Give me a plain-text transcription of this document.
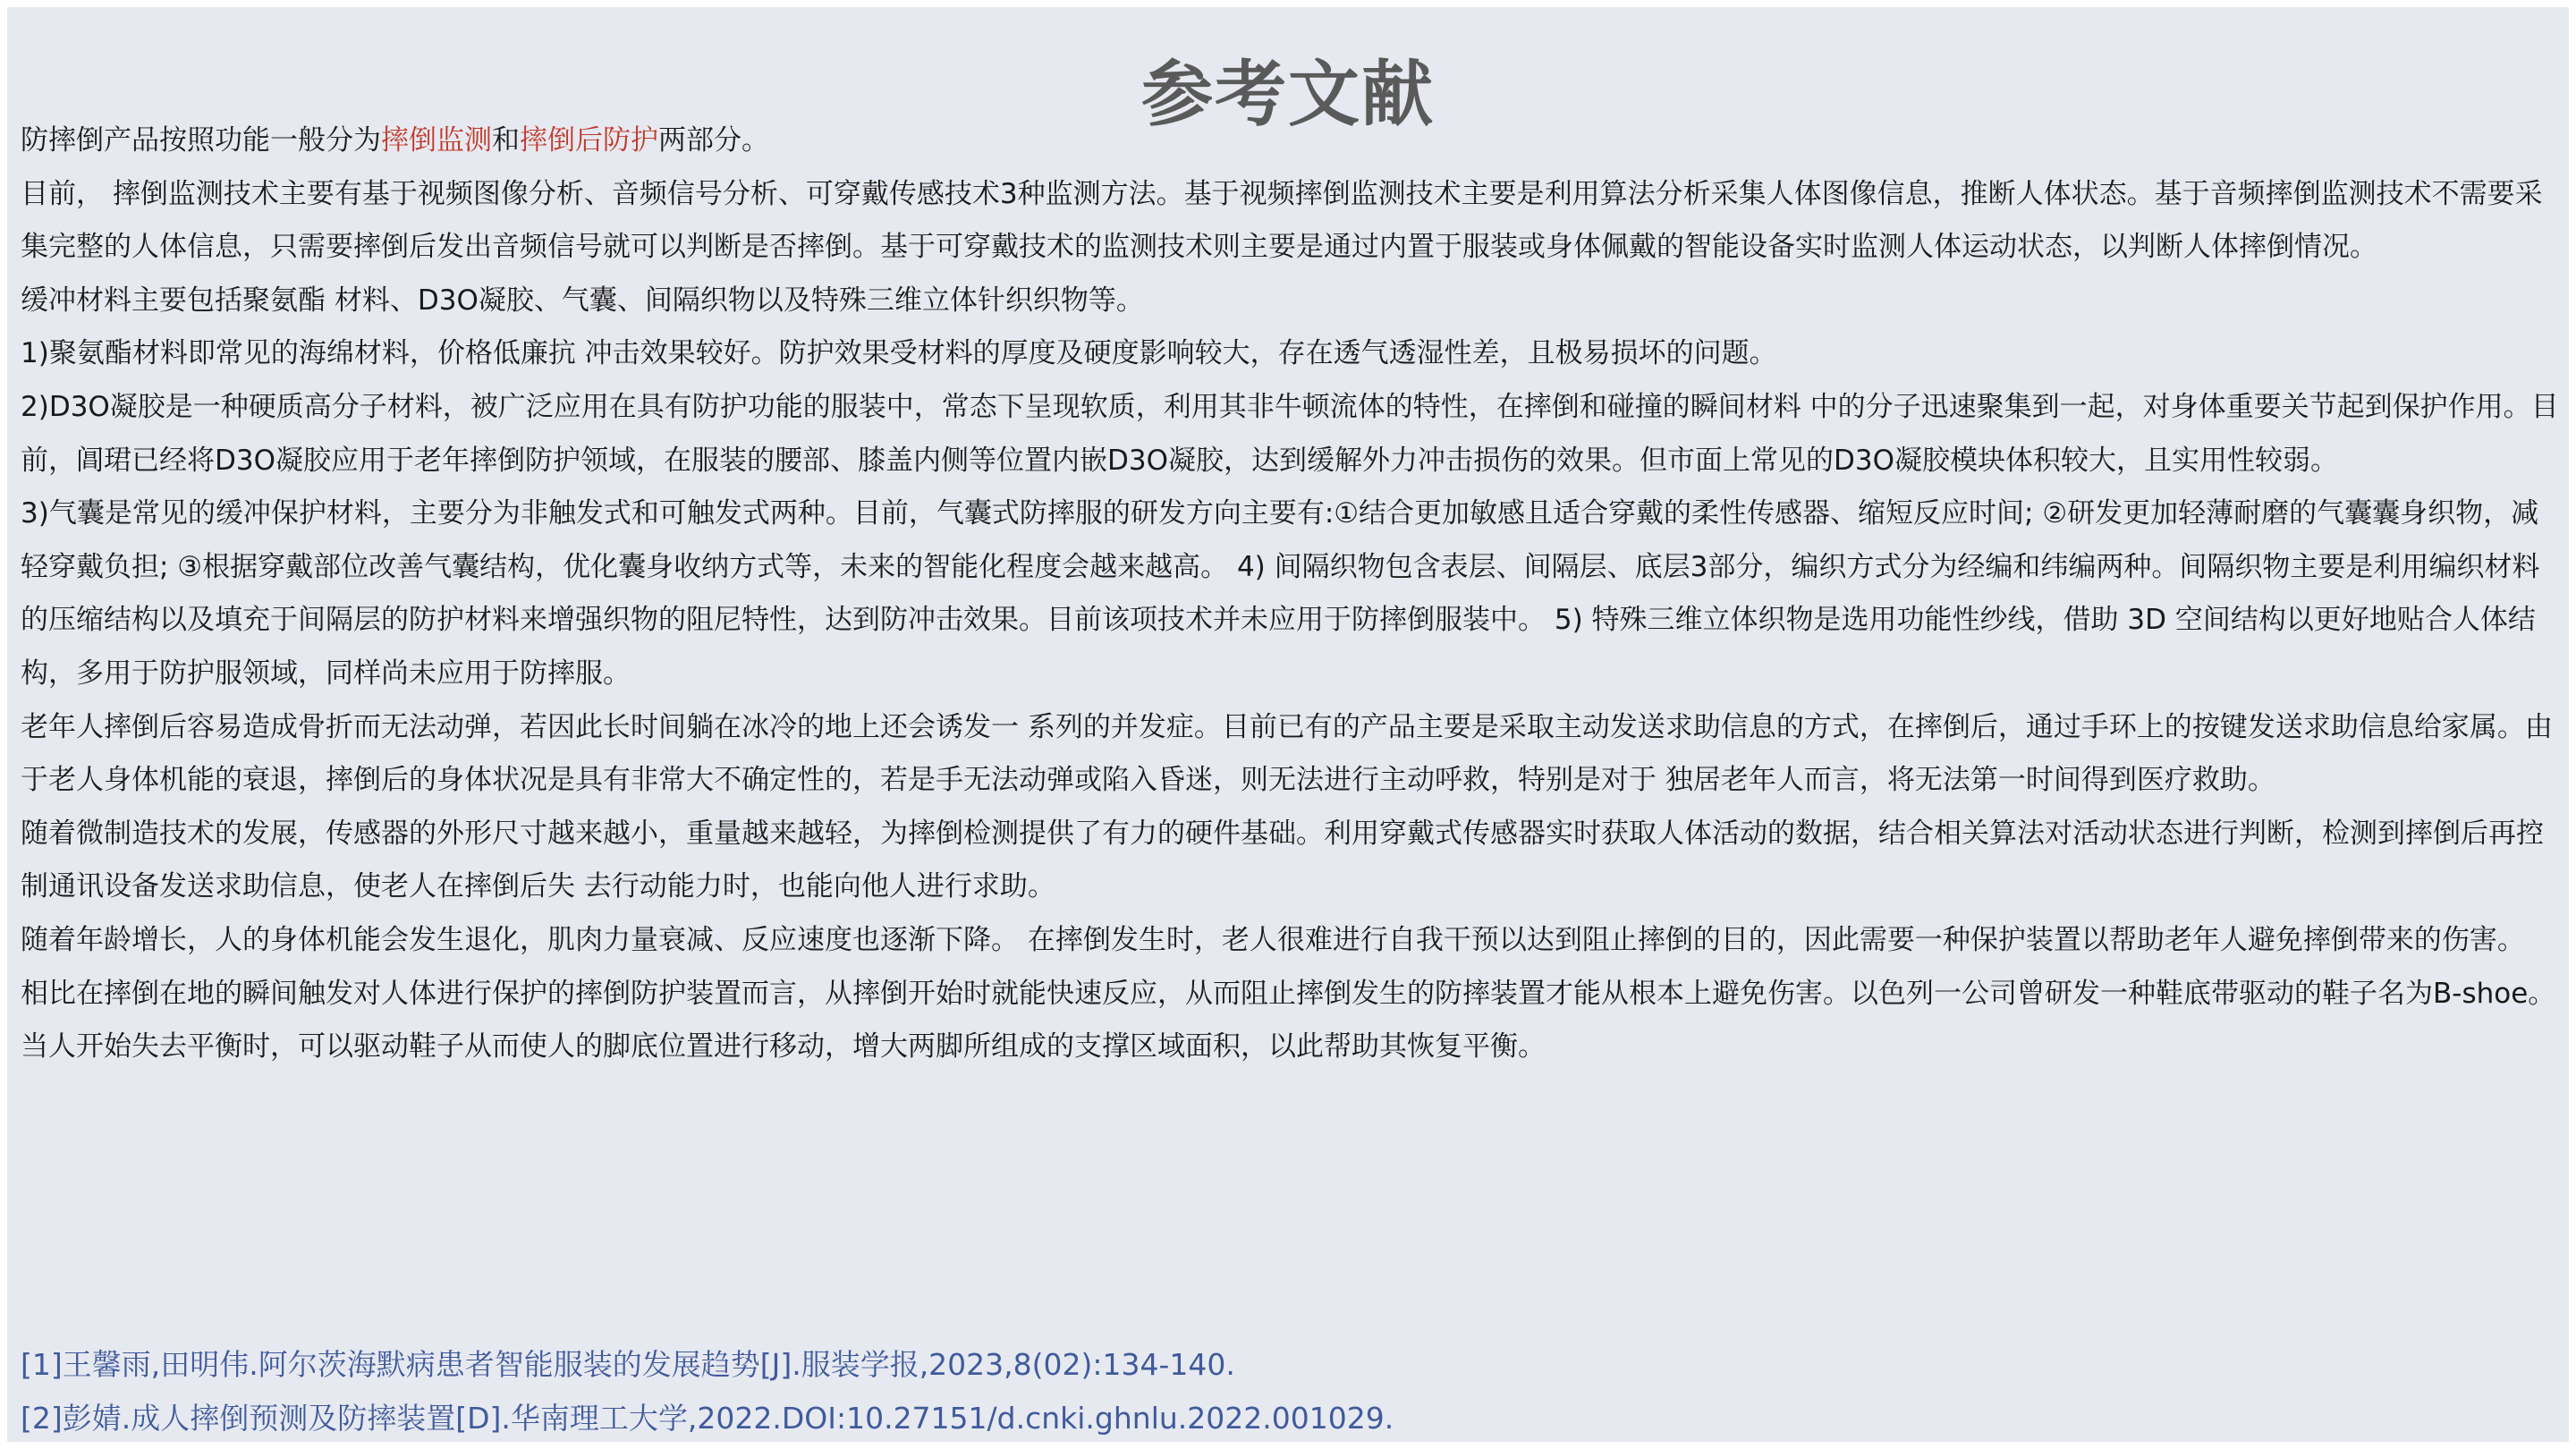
参考文献

防摔倒产品按照功能一般分为摔倒监测和摔倒后防护两部分。

目前， 摔倒监测技术主要有基于视频图像分析、音频信号分析、可穿戴传感技术3种监测方法。基于视频摔倒监测技术主要是利用算法分析采集人体图像信息，推断人体状态。基于音频摔倒监测技术不需要采集完整的人体信息，只需要摔倒后发出音频信号就可以判断是否摔倒。基于可穿戴技术的监测技术则主要是通过内置于服装或身体佩戴的智能设备实时监测人体运动状态，以判断人体摔倒情况。

缓冲材料主要包括聚氨酯 材料、D3O凝胶、气囊、间隔织物以及特殊三维立体针织织物等。

1)聚氨酯材料即常见的海绵材料，价格低廉抗 冲击效果较好。防护效果受材料的厚度及硬度影响较大，存在透气透湿性差，且极易损坏的问题。

2)D3O凝胶是一种硬质高分子材料，被广泛应用在具有防护功能的服装中，常态下呈现软质，利用其非牛顿流体的特性，在摔倒和碰撞的瞬间材料 中的分子迅速聚集到一起，对身体重要关节起到保护作用。目前，阊珺已经将D3O凝胶应用于老年摔倒防护领域，在服装的腰部、膝盖内侧等位置内嵌D3O凝胶，达到缓解外力冲击损伤的效果。但市面上常见的D3O凝胶模块体积较大，且实用性较弱。

3)气囊是常见的缓冲保护材料，主要分为非触发式和可触发式两种。目前，气囊式防摔服的研发方向主要有:①结合更加敏感且适合穿戴的柔性传感器、缩短反应时间; ②研发更加轻薄耐磨的气囊囊身织物，减轻穿戴负担; ③根据穿戴部位改善气囊结构，优化囊身收纳方式等，未来的智能化程度会越来越高。 4) 间隔织物包含表层、间隔层、底层3部分，编织方式分为经编和纬编两种。间隔织物主要是利用编织材料的压缩结构以及填充于间隔层的防护材料来增强织物的阻尼特性，达到防冲击效果。目前该项技术并未应用于防摔倒服装中。 5) 特殊三维立体织物是选用功能性纱线，借助 3D 空间结构以更好地贴合人体结构，多用于防护服领域，同样尚未应用于防摔服。

老年人摔倒后容易造成骨折而无法动弹，若因此长时间躺在冰冷的地上还会诱发一 系列的并发症。目前已有的产品主要是采取主动发送求助信息的方式，在摔倒后，通过手环上的按键发送求助信息给家属。由于老人身体机能的衰退，摔倒后的身体状况是具有非常大不确定性的，若是手无法动弹或陷入昏迷，则无法进行主动呼救，特别是对于 独居老年人而言，将无法第一时间得到医疗救助。

随着微制造技术的发展，传感器的外形尺寸越来越小，重量越来越轻，为摔倒检测提供了有力的硬件基础。利用穿戴式传感器实时获取人体活动的数据，结合相关算法对活动状态进行判断，检测到摔倒后再控制通讯设备发送求助信息，使老人在摔倒后失 去行动能力时，也能向他人进行求助。

随着年龄增长，人的身体机能会发生退化，肌肉力量衰减、反应速度也逐渐下降。 在摔倒发生时，老人很难进行自我干预以达到阻止摔倒的目的，因此需要一种保护装置以帮助老年人避免摔倒带来的伤害。

相比在摔倒在地的瞬间触发对人体进行保护的摔倒防护装置而言，从摔倒开始时就能快速反应，从而阻止摔倒发生的防摔装置才能从根本上避免伤害。以色列一公司曾研发一种鞋底带驱动的鞋子名为B-shoe。当人开始失去平衡时，可以驱动鞋子从而使人的脚底位置进行移动，增大两脚所组成的支撑区域面积，以此帮助其恢复平衡。

[1]王馨雨,田明伟.阿尔茨海默病患者智能服装的发展趋势[J].服装学报,2023,8(02):134-140.

[2]彭婧.成人摔倒预测及防摔装置[D].华南理工大学,2022.DOI:10.27151/d.cnki.ghnlu.2022.001029.
